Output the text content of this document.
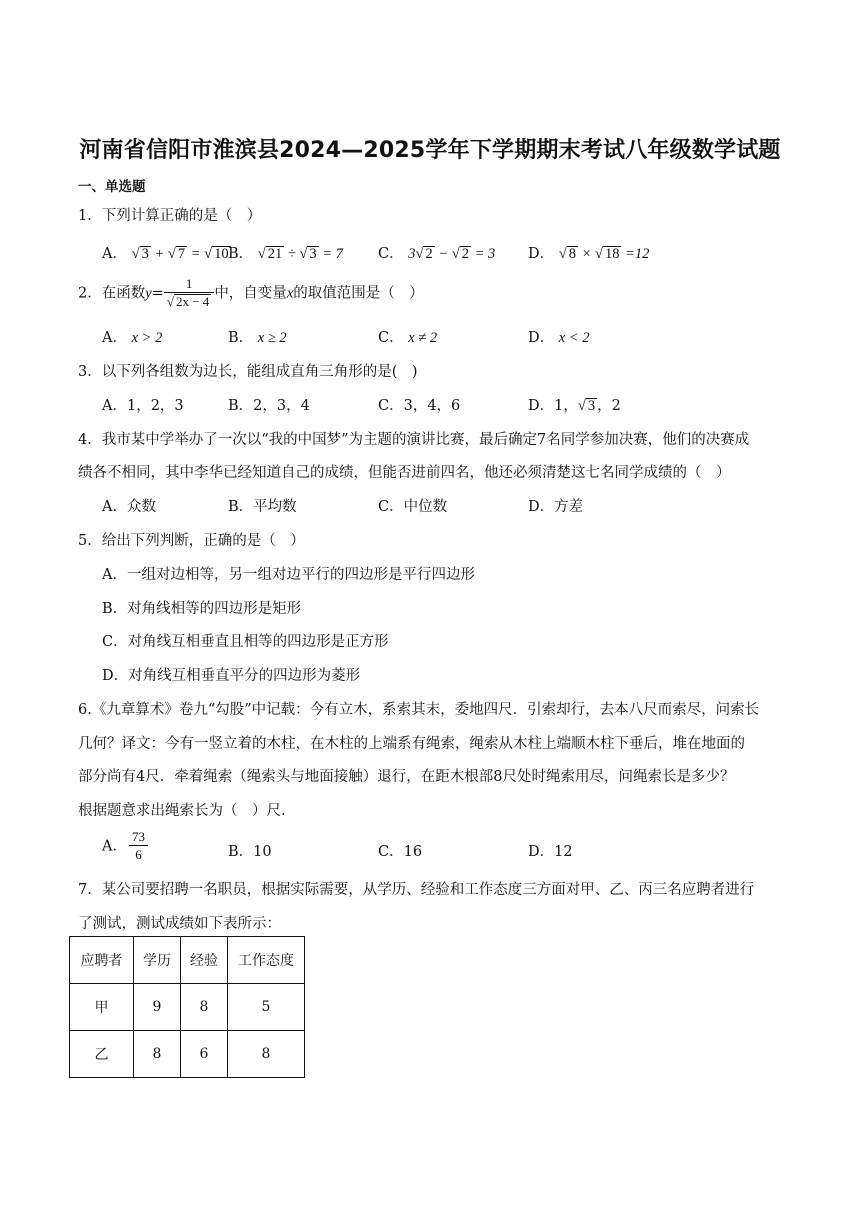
河南省信阳市淮滨县2024—2025学年下学期期末考试八年级数学试题
一、单选题
1．下列计算正确的是（　）
A． √ 3 + √ 7 = √ 10 B． √ 21 ÷ √ 3 = 7 C． 3√ 2 − √ 2 = 3 D． √ 8 × √ 18 =12
2．在函数$y= \frac{1}{√ 2x - 4}$ 中，自变量x的取值范围是（　）
A． x > 2	B． x ≥ 2	C． x ≠ 2	D． x < 2
3．以下列各组数为边长，能组成直角三角形的是(　)
A．1，2，3	B．2，3，4	C．3，4，6	D．1，√ 3 ，2
4．我市某中学举办了一次以“我的中国梦”为主题的演讲比赛，最后确定7名同学参加决赛，他们的决赛成
绩各不相同，其中李华已经知道自己的成绩，但能否进前四名，他还必须清楚这七名同学成绩的（　）
A．众数	B．平均数	C．中位数	D．方差
5．给出下列判断，正确的是（　）
A．一组对边相等，另一组对边平行的四边形是平行四边形
B．对角线相等的四边形是矩形
C．对角线互相垂直且相等的四边形是正方形
D．对角线互相垂直平分的四边形为菱形
6.《九章算术》卷九“勾股”中记载：今有立木，系索其末，委地四尺．引索却行，去本八尺而索尽，问索长
几何？译文：今有一竖立着的木柱，在木柱的上端系有绳索，绳索从木柱上端顺木柱下垂后，堆在地面的
部分尚有4尺．牵着绳索（绳索头与地面接触）退行，在距木根部8尺处时绳索用尽，问绳索长是多少？
根据题意求出绳索长为（　）尺．
A． $\frac{73}{6}$	B．10	C．16	D．12
7．某公司要招聘一名职员，根据实际需要，从学历、经验和工作态度三方面对甲、乙、丙三名应聘者进行
了测试，测试成绩如下表所示：
应聘者	学历	经验	工作态度
甲	9	8	5
乙	8	6	8
